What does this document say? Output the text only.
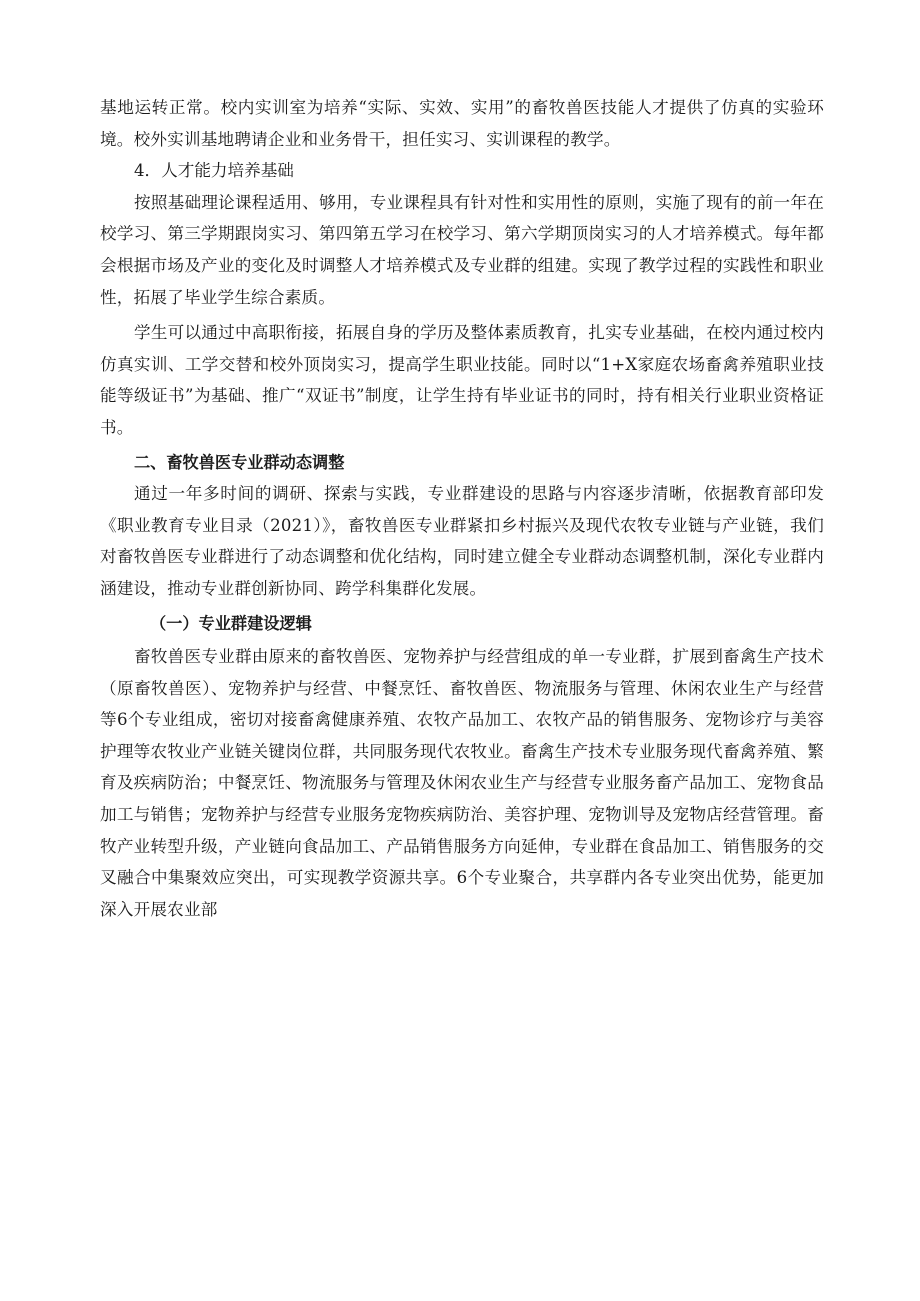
基地运转正常。校内实训室为培养“实际、实效、实用”的畜牧兽医技能人才提供了仿真的实验环境。校外实训基地聘请企业和业务骨干，担任实习、实训课程的教学。

4．人才能力培养基础

按照基础理论课程适用、够用，专业课程具有针对性和实用性的原则，实施了现有的前一年在校学习、第三学期跟岗实习、第四第五学习在校学习、第六学期顶岗实习的人才培养模式。每年都会根据市场及产业的变化及时调整人才培养模式及专业群的组建。实现了教学过程的实践性和职业性，拓展了毕业学生综合素质。

学生可以通过中高职衔接，拓展自身的学历及整体素质教育，扎实专业基础，在校内通过校内仿真实训、工学交替和校外顶岗实习，提高学生职业技能。同时以“1+X家庭农场畜禽养殖职业技能等级证书”为基础、推广“双证书”制度，让学生持有毕业证书的同时，持有相关行业职业资格证书。

二、畜牧兽医专业群动态调整

通过一年多时间的调研、探索与实践，专业群建设的思路与内容逐步清晰，依据教育部印发《职业教育专业目录（2021）》，畜牧兽医专业群紧扣乡村振兴及现代农牧专业链与产业链，我们对畜牧兽医专业群进行了动态调整和优化结构，同时建立健全专业群动态调整机制，深化专业群内涵建设，推动专业群创新协同、跨学科集群化发展。

（一）专业群建设逻辑

畜牧兽医专业群由原来的畜牧兽医、宠物养护与经营组成的单一专业群，扩展到畜禽生产技术（原畜牧兽医）、宠物养护与经营、中餐烹饪、畜牧兽医、物流服务与管理、休闲农业生产与经营等6个专业组成，密切对接畜禽健康养殖、农牧产品加工、农牧产品的销售服务、宠物诊疗与美容护理等农牧业产业链关键岗位群，共同服务现代农牧业。畜禽生产技术专业服务现代畜禽养殖、繁育及疾病防治；中餐烹饪、物流服务与管理及休闲农业生产与经营专业服务畜产品加工、宠物食品加工与销售；宠物养护与经营专业服务宠物疾病防治、美容护理、宠物训导及宠物店经营管理。畜牧产业转型升级，产业链向食品加工、产品销售服务方向延伸，专业群在食品加工、销售服务的交叉融合中集聚效应突出，可实现教学资源共享。6个专业聚合，共享群内各专业突出优势，能更加深入开展农业部
